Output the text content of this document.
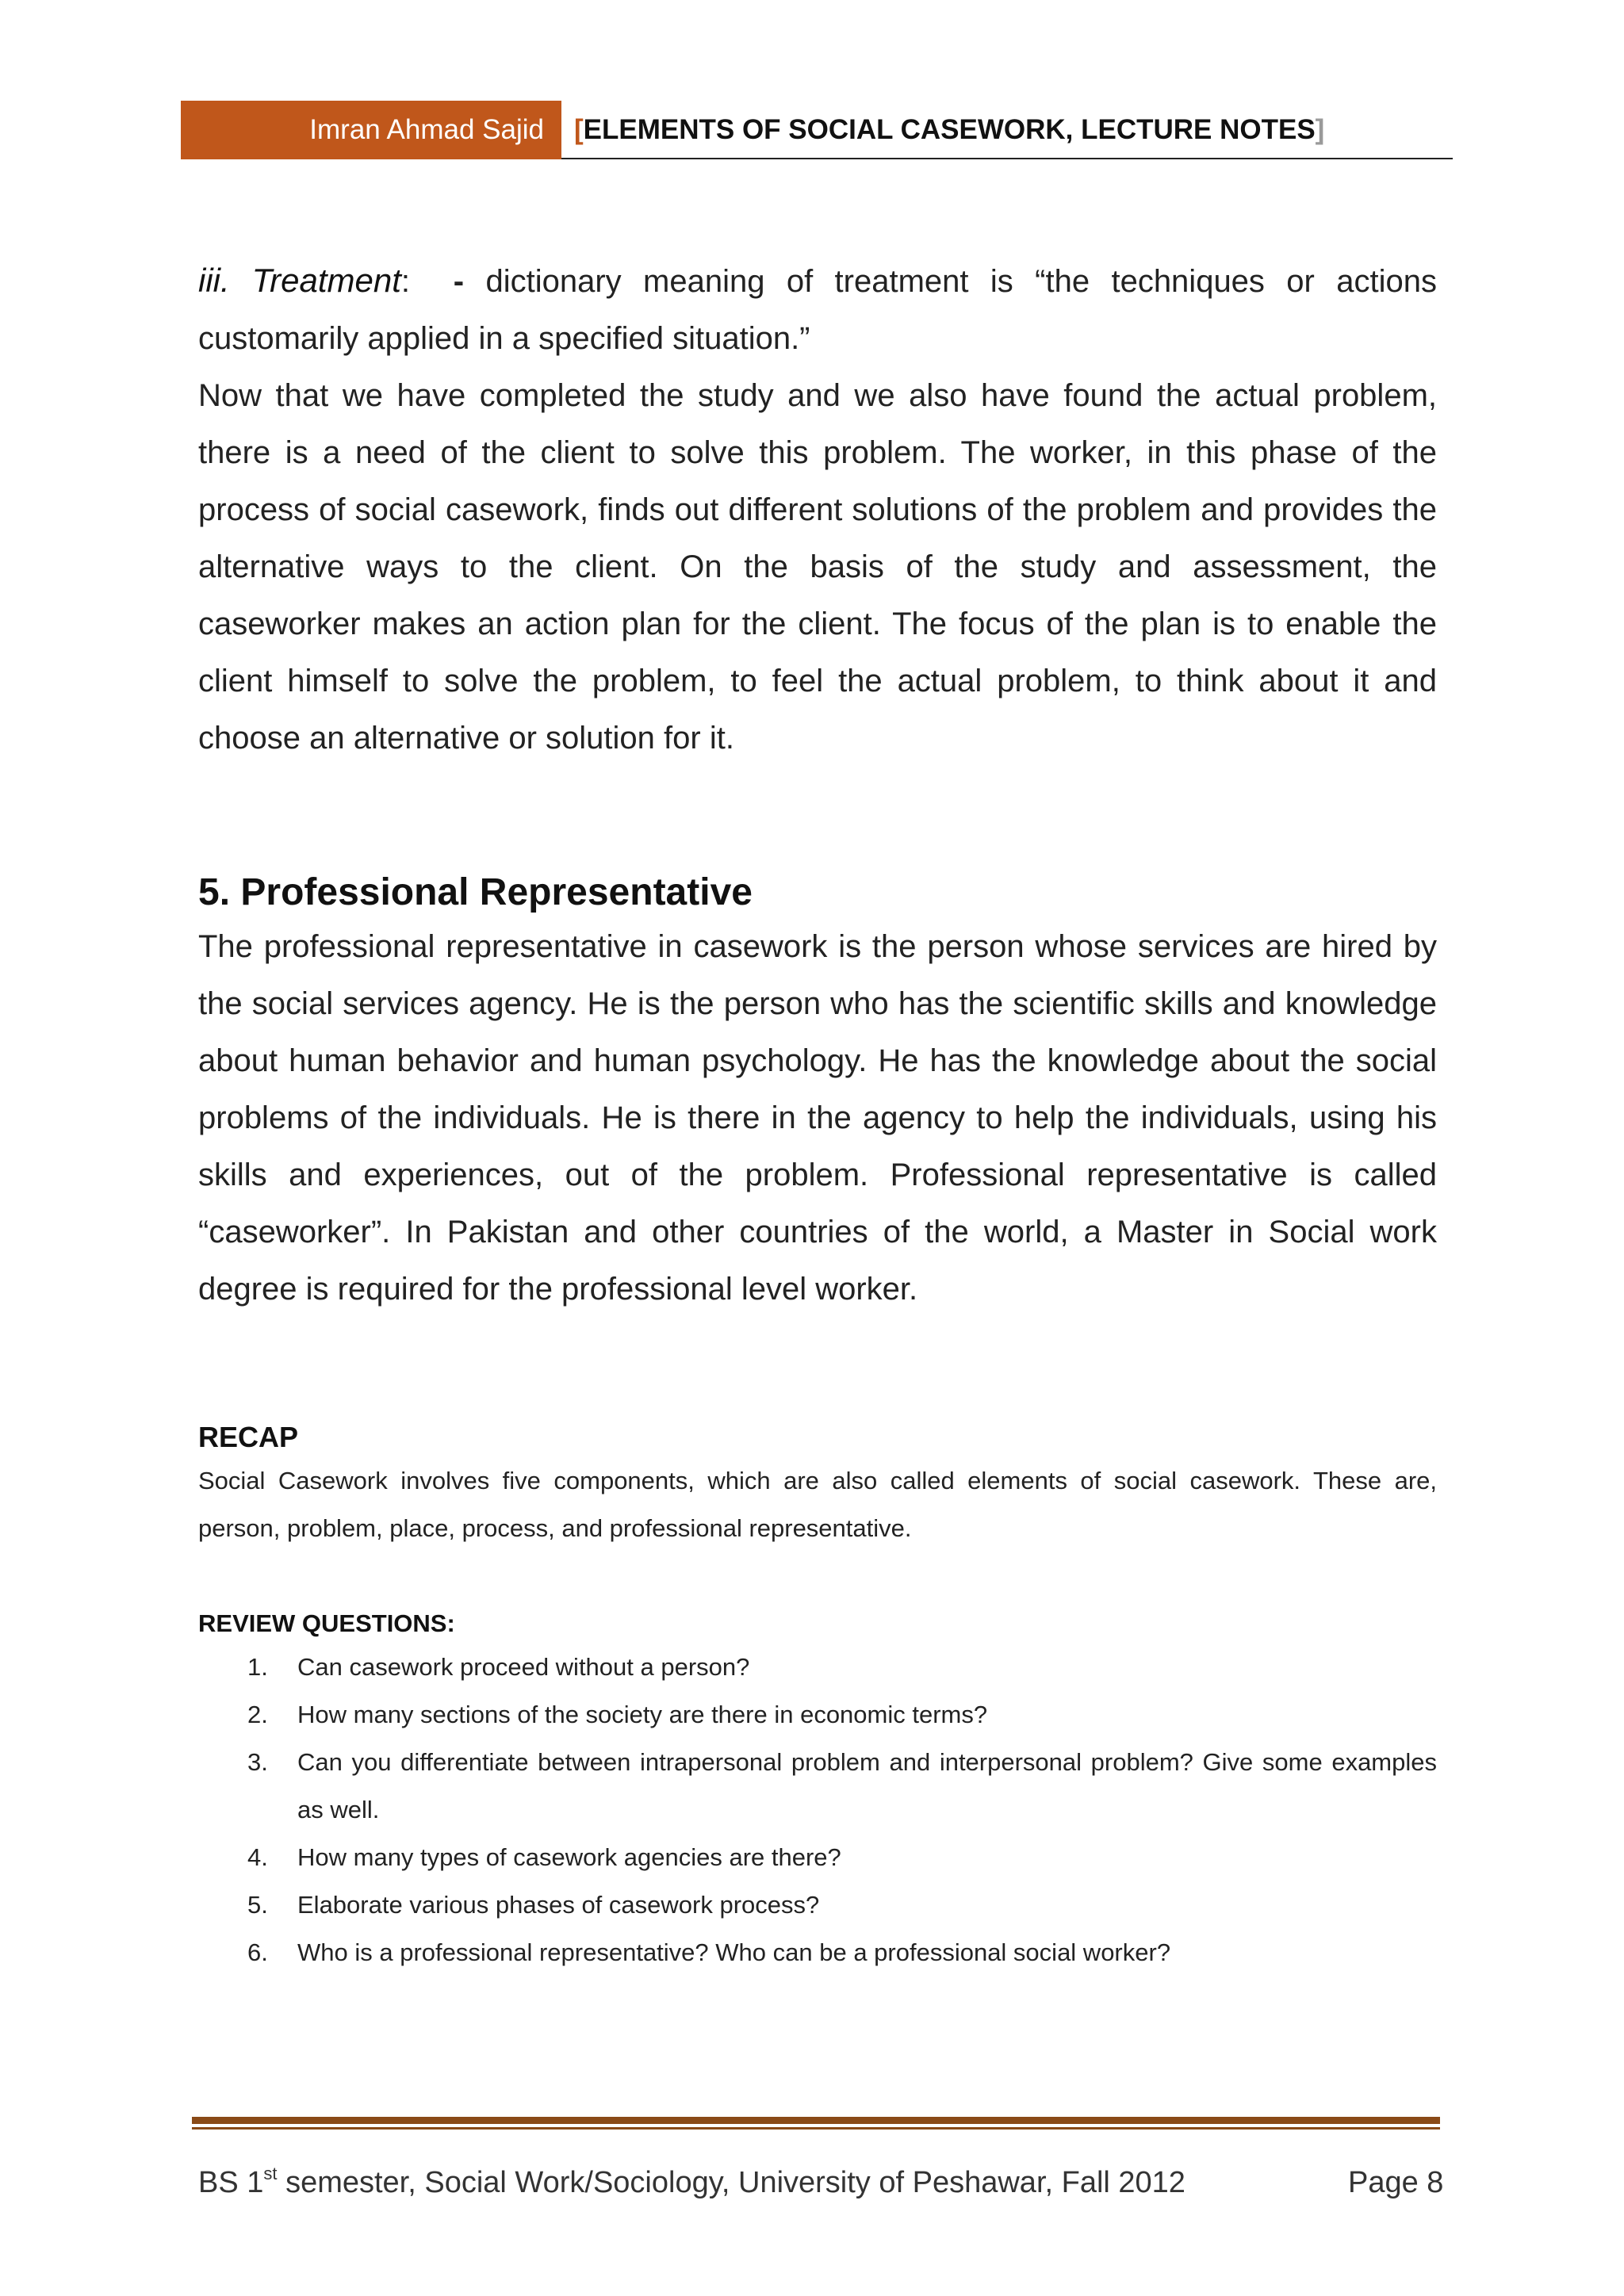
Imran Ahmad Sajid	[ELEMENTS OF SOCIAL CASEWORK, LECTURE NOTES]

iii. Treatment: - dictionary meaning of treatment is “the techniques or actions customarily applied in a specified situation.”

Now that we have completed the study and we also have found the actual problem, there is a need of the client to solve this problem. The worker, in this phase of the process of social casework, finds out different solutions of the problem and provides the alternative ways to the client. On the basis of the study and assessment, the caseworker makes an action plan for the client. The focus of the plan is to enable the client himself to solve the problem, to feel the actual problem, to think about it and choose an alternative or solution for it.

5. Professional Representative

The professional representative in casework is the person whose services are hired by the social services agency. He is the person who has the scientific skills and knowledge about human behavior and human psychology. He has the knowledge about the social problems of the individuals. He is there in the agency to help the individuals, using his skills and experiences, out of the problem. Professional representative is called “caseworker”. In Pakistan and other countries of the world, a Master in Social work degree is required for the professional level worker.

RECAP

Social Casework involves five components, which are also called elements of social casework. These are, person, problem, place, process, and professional representative.

REVIEW QUESTIONS:
1. Can casework proceed without a person?
2. How many sections of the society are there in economic terms?
3. Can you differentiate between intrapersonal problem and interpersonal problem? Give some examples as well.
4. How many types of casework agencies are there?
5. Elaborate various phases of casework process?
6. Who is a professional representative? Who can be a professional social worker?
BS 1st semester, Social Work/Sociology, University of Peshawar, Fall 2012	Page 8
